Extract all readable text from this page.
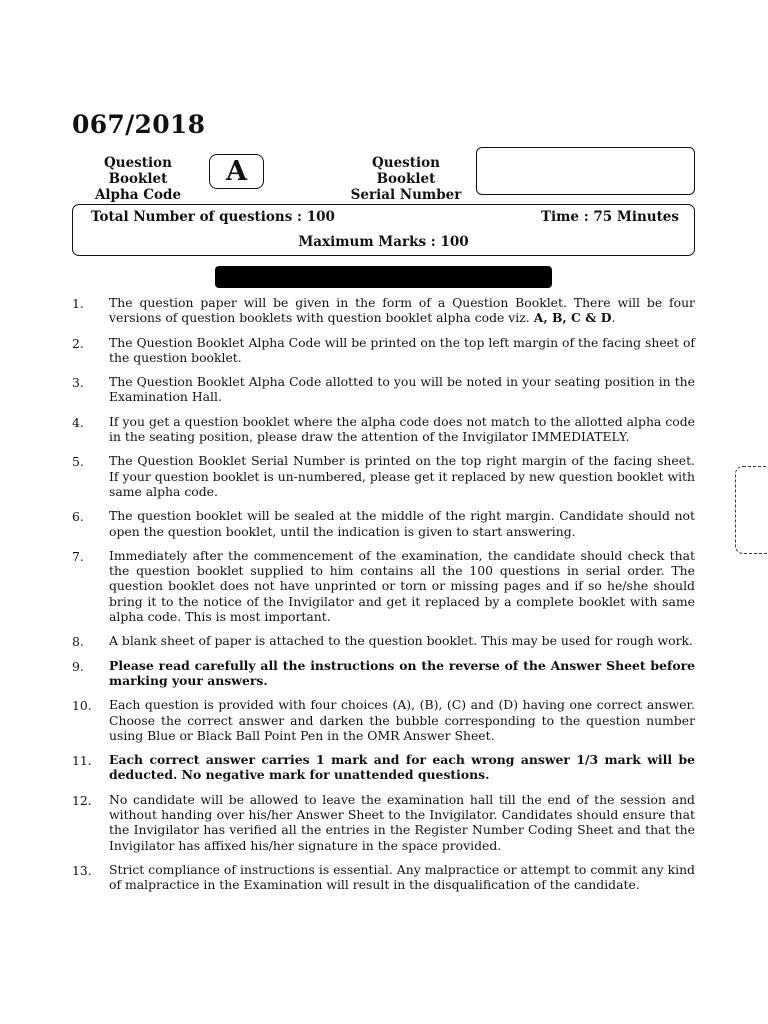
067/2018
Question Booklet
Alpha Code
A	Question Booklet
Serial Number
Total Number of questions : 100	Time : 75 Minutes
Maximum Marks : 100
1.	The question paper will be given in the form of a Question Booklet. There will be four versions of question booklets with question booklet alpha code viz. A, B, C & D.
2.	The Question Booklet Alpha Code will be printed on the top left margin of the facing sheet of the question booklet.
3.	The Question Booklet Alpha Code allotted to you will be noted in your seating position in the Examination Hall.
4.	If you get a question booklet where the alpha code does not match to the allotted alpha code in the seating position, please draw the attention of the Invigilator IMMEDIATELY.
5.	The Question Booklet Serial Number is printed on the top right margin of the facing sheet. If your question booklet is un-numbered, please get it replaced by new question booklet with same alpha code.
6.	The question booklet will be sealed at the middle of the right margin. Candidate should not open the question booklet, until the indication is given to start answering.
7.	Immediately after the commencement of the examination, the candidate should check that the question booklet supplied to him contains all the 100 questions in serial order. The question booklet does not have unprinted or torn or missing pages and if so he/she should bring it to the notice of the Invigilator and get it replaced by a complete booklet with same alpha code. This is most important.
8.	A blank sheet of paper is attached to the question booklet. This may be used for rough work.
9.	Please read carefully all the instructions on the reverse of the Answer Sheet before marking your answers.
10.	Each question is provided with four choices (A), (B), (C) and (D) having one correct answer. Choose the correct answer and darken the bubble corresponding to the question number using Blue or Black Ball Point Pen in the OMR Answer Sheet.
11.	Each correct answer carries 1 mark and for each wrong answer 1/3 mark will be deducted. No negative mark for unattended questions.
12.	No candidate will be allowed to leave the examination hall till the end of the session and without handing over his/her Answer Sheet to the Invigilator. Candidates should ensure that the Invigilator has verified all the entries in the Register Number Coding Sheet and that the Invigilator has affixed his/her signature in the space provided.
13.	Strict compliance of instructions is essential. Any malpractice or attempt to commit any kind of malpractice in the Examination will result in the disqualification of the candidate.
